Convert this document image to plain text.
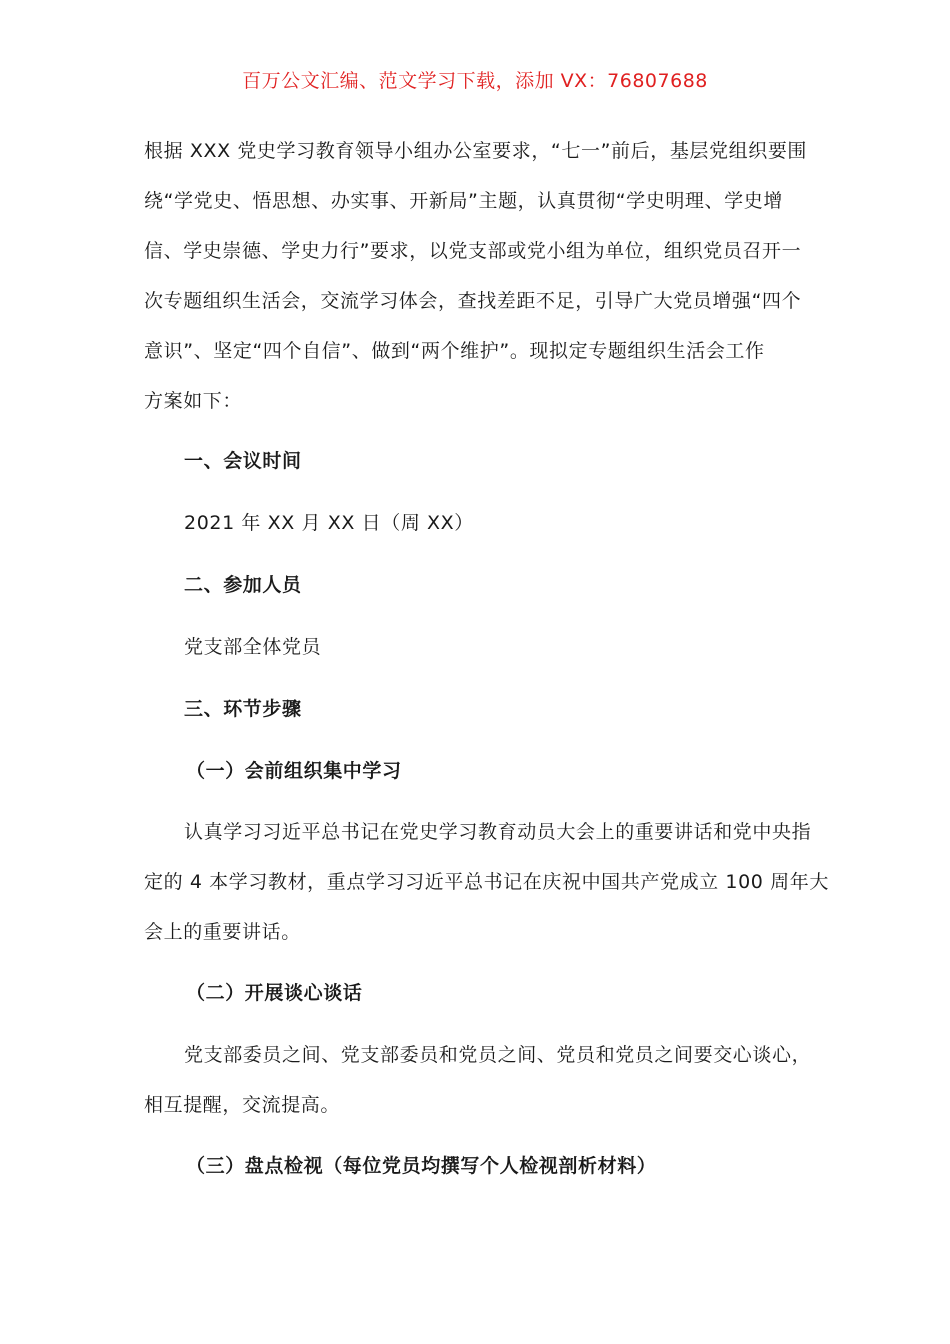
百万公文汇编、范文学习下载，添加 VX：76807688
根据 XXX 党史学习教育领导小组办公室要求，“七一”前后，基层党组织要围
绕“学党史、悟思想、办实事、开新局”主题，认真贯彻“学史明理、学史增
信、学史崇德、学史力行”要求，以党支部或党小组为单位，组织党员召开一
次专题组织生活会，交流学习体会，查找差距不足，引导广大党员增强“四个
意识”、坚定“四个自信”、做到“两个维护”。现拟定专题组织生活会工作
方案如下：
一、会议时间
2021 年 XX 月 XX 日（周 XX）
二、参加人员
党支部全体党员
三、环节步骤
（一）会前组织集中学习
认真学习习近平总书记在党史学习教育动员大会上的重要讲话和党中央指
定的 4 本学习教材，重点学习习近平总书记在庆祝中国共产党成立 100 周年大
会上的重要讲话。
（二）开展谈心谈话
党支部委员之间、党支部委员和党员之间、党员和党员之间要交心谈心，
相互提醒，交流提高。
（三）盘点检视（每位党员均撰写个人检视剖析材料）
